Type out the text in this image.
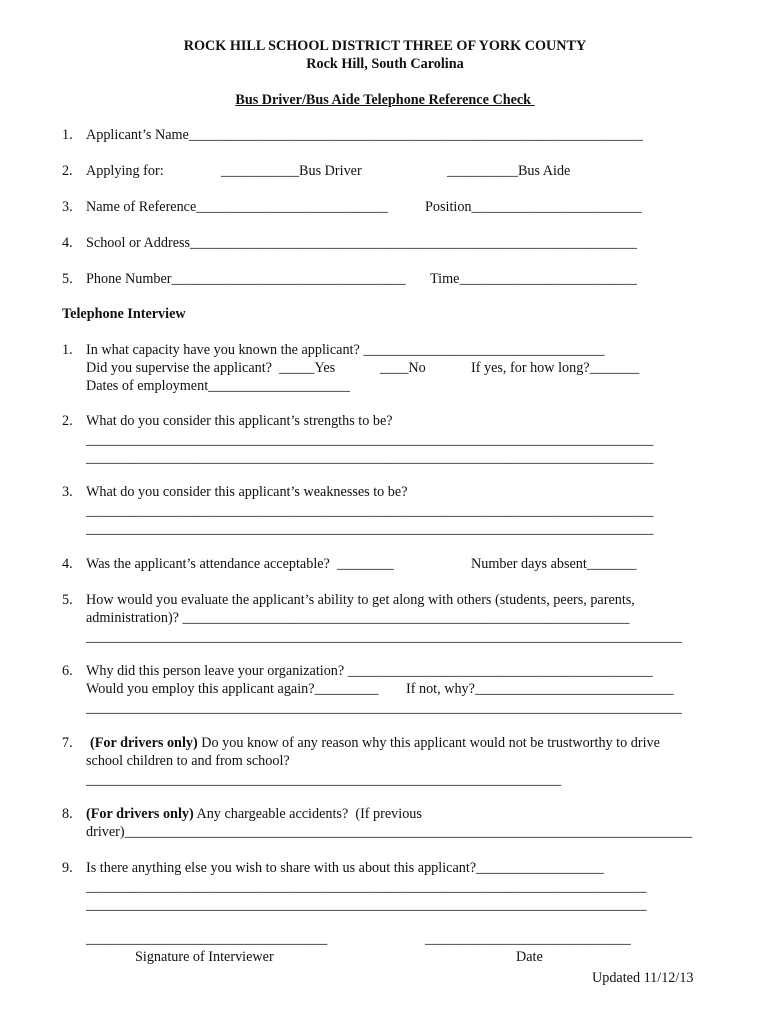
ROCK HILL SCHOOL DISTRICT THREE OF YORK COUNTY
Rock Hill, South Carolina
Bus Driver/Bus Aide Telephone Reference Check
1. Applicant’s Name________________________________________________________________
2. Applying for:	___________Bus Driver	__________Bus Aide
3. Name of Reference___________________________	Position________________________
4. School or Address_______________________________________________________________
5. Phone Number_________________________________ Time_________________________
Telephone Interview
1. In what capacity have you known the applicant? __________________________________
Did you supervise the applicant?  _____Yes	____No	If yes, for how long?_______
Dates of employment____________________
2. What do you consider this applicant’s strengths to be?
________________________________________________________________________________
________________________________________________________________________________
3. What do you consider this applicant’s weaknesses to be?
________________________________________________________________________________
________________________________________________________________________________
4. Was the applicant’s attendance acceptable?  ________	Number days absent_______
5. How would you evaluate the applicant’s ability to get along with others (students, peers, parents,
administration)? _______________________________________________________________
____________________________________________________________________________________
6. Why did this person leave your organization? ___________________________________________
Would you employ this applicant again?_________ If not, why?____________________________
____________________________________________________________________________________
7. (For drivers only) Do you know of any reason why this applicant would not be trustworthy to drive
school children to and from school?
___________________________________________________________________
8. (For drivers only) Any chargeable accidents?  (If previous
driver)________________________________________________________________________________
9. Is there anything else you wish to share with us about this applicant?__________________
_______________________________________________________________________________
_______________________________________________________________________________
__________________________________
Signature of Interviewer
_____________________________
Date
Updated 11/12/13
